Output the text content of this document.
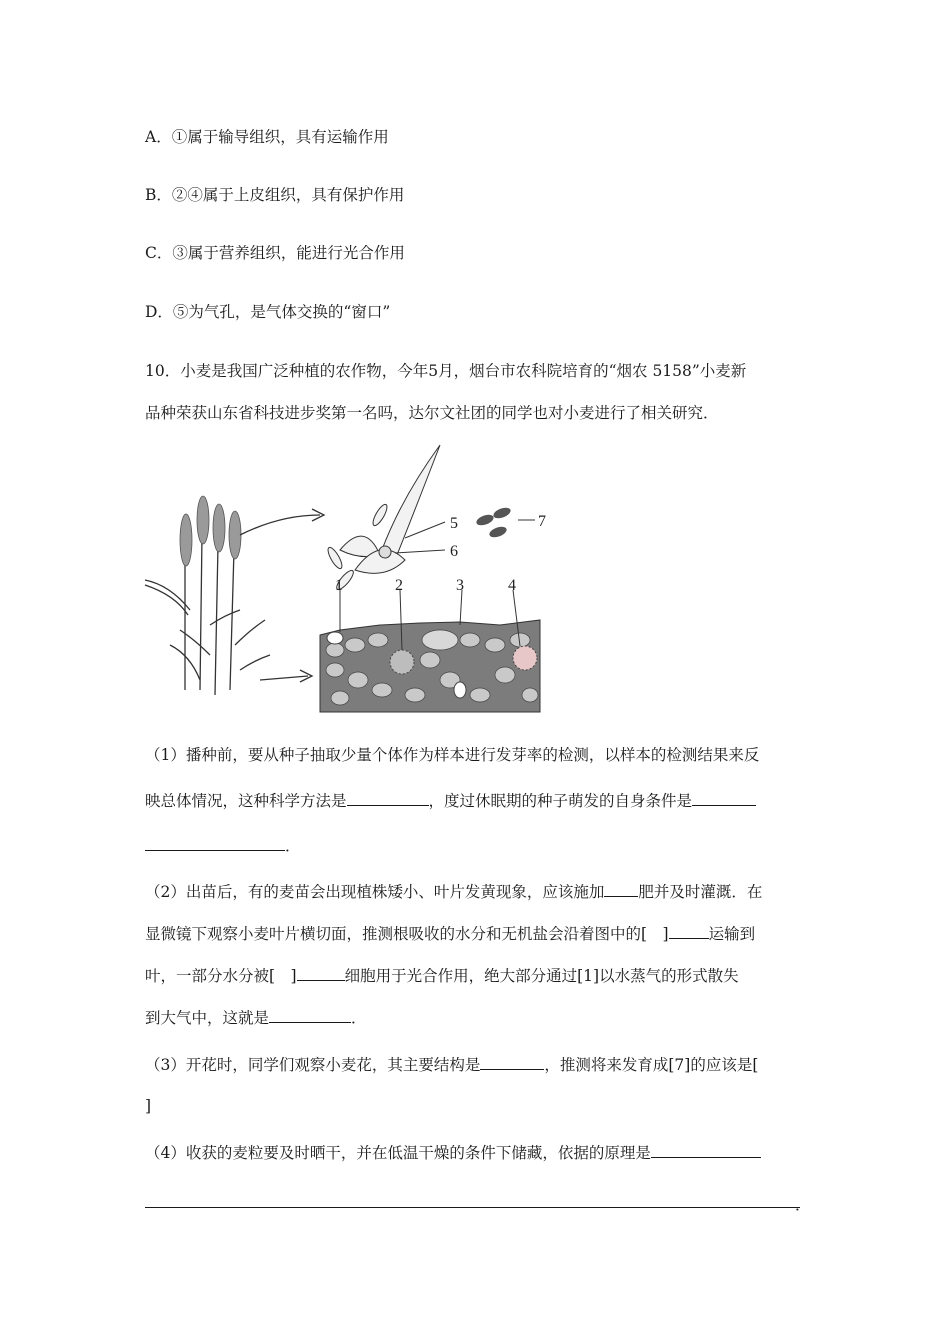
A．①属于输导组织，具有运输作用
B．②④属于上皮组织，具有保护作用
C．③属于营养组织，能进行光合作用
D．⑤为气孔，是气体交换的“窗口”
10．小麦是我国广泛种植的农作物，今年5月，烟台市农科院培育的“烟农 5158”小麦新
品种荣获山东省科技进步奖第一名吗，达尔文社团的同学也对小麦进行了相关研究．
1	2	3	4
5
6
7
（1）播种前，要从种子抽取少量个体作为样本进行发芽率的检测，以样本的检测结果来反
映总体情况，这种科学方法是	，度过休眠期的种子萌发的自身条件是
．
（2）出苗后，有的麦苗会出现植株矮小、叶片发黄现象，应该施加 肥并及时灌溉．在
显微镜下观察小麦叶片横切面，推测根吸收的水分和无机盐会沿着图中的[　]	运输到
叶，一部分水分被[　]	细胞用于光合作用，绝大部分通过[1]以水蒸气的形式散失
到大气中，这就是	．
（3）开花时，同学们观察小麦花，其主要结构是	，推测将来发育成[7]的应该是[
]
（4）收获的麦粒要及时晒干，并在低温干燥的条件下储藏，依据的原理是
．
